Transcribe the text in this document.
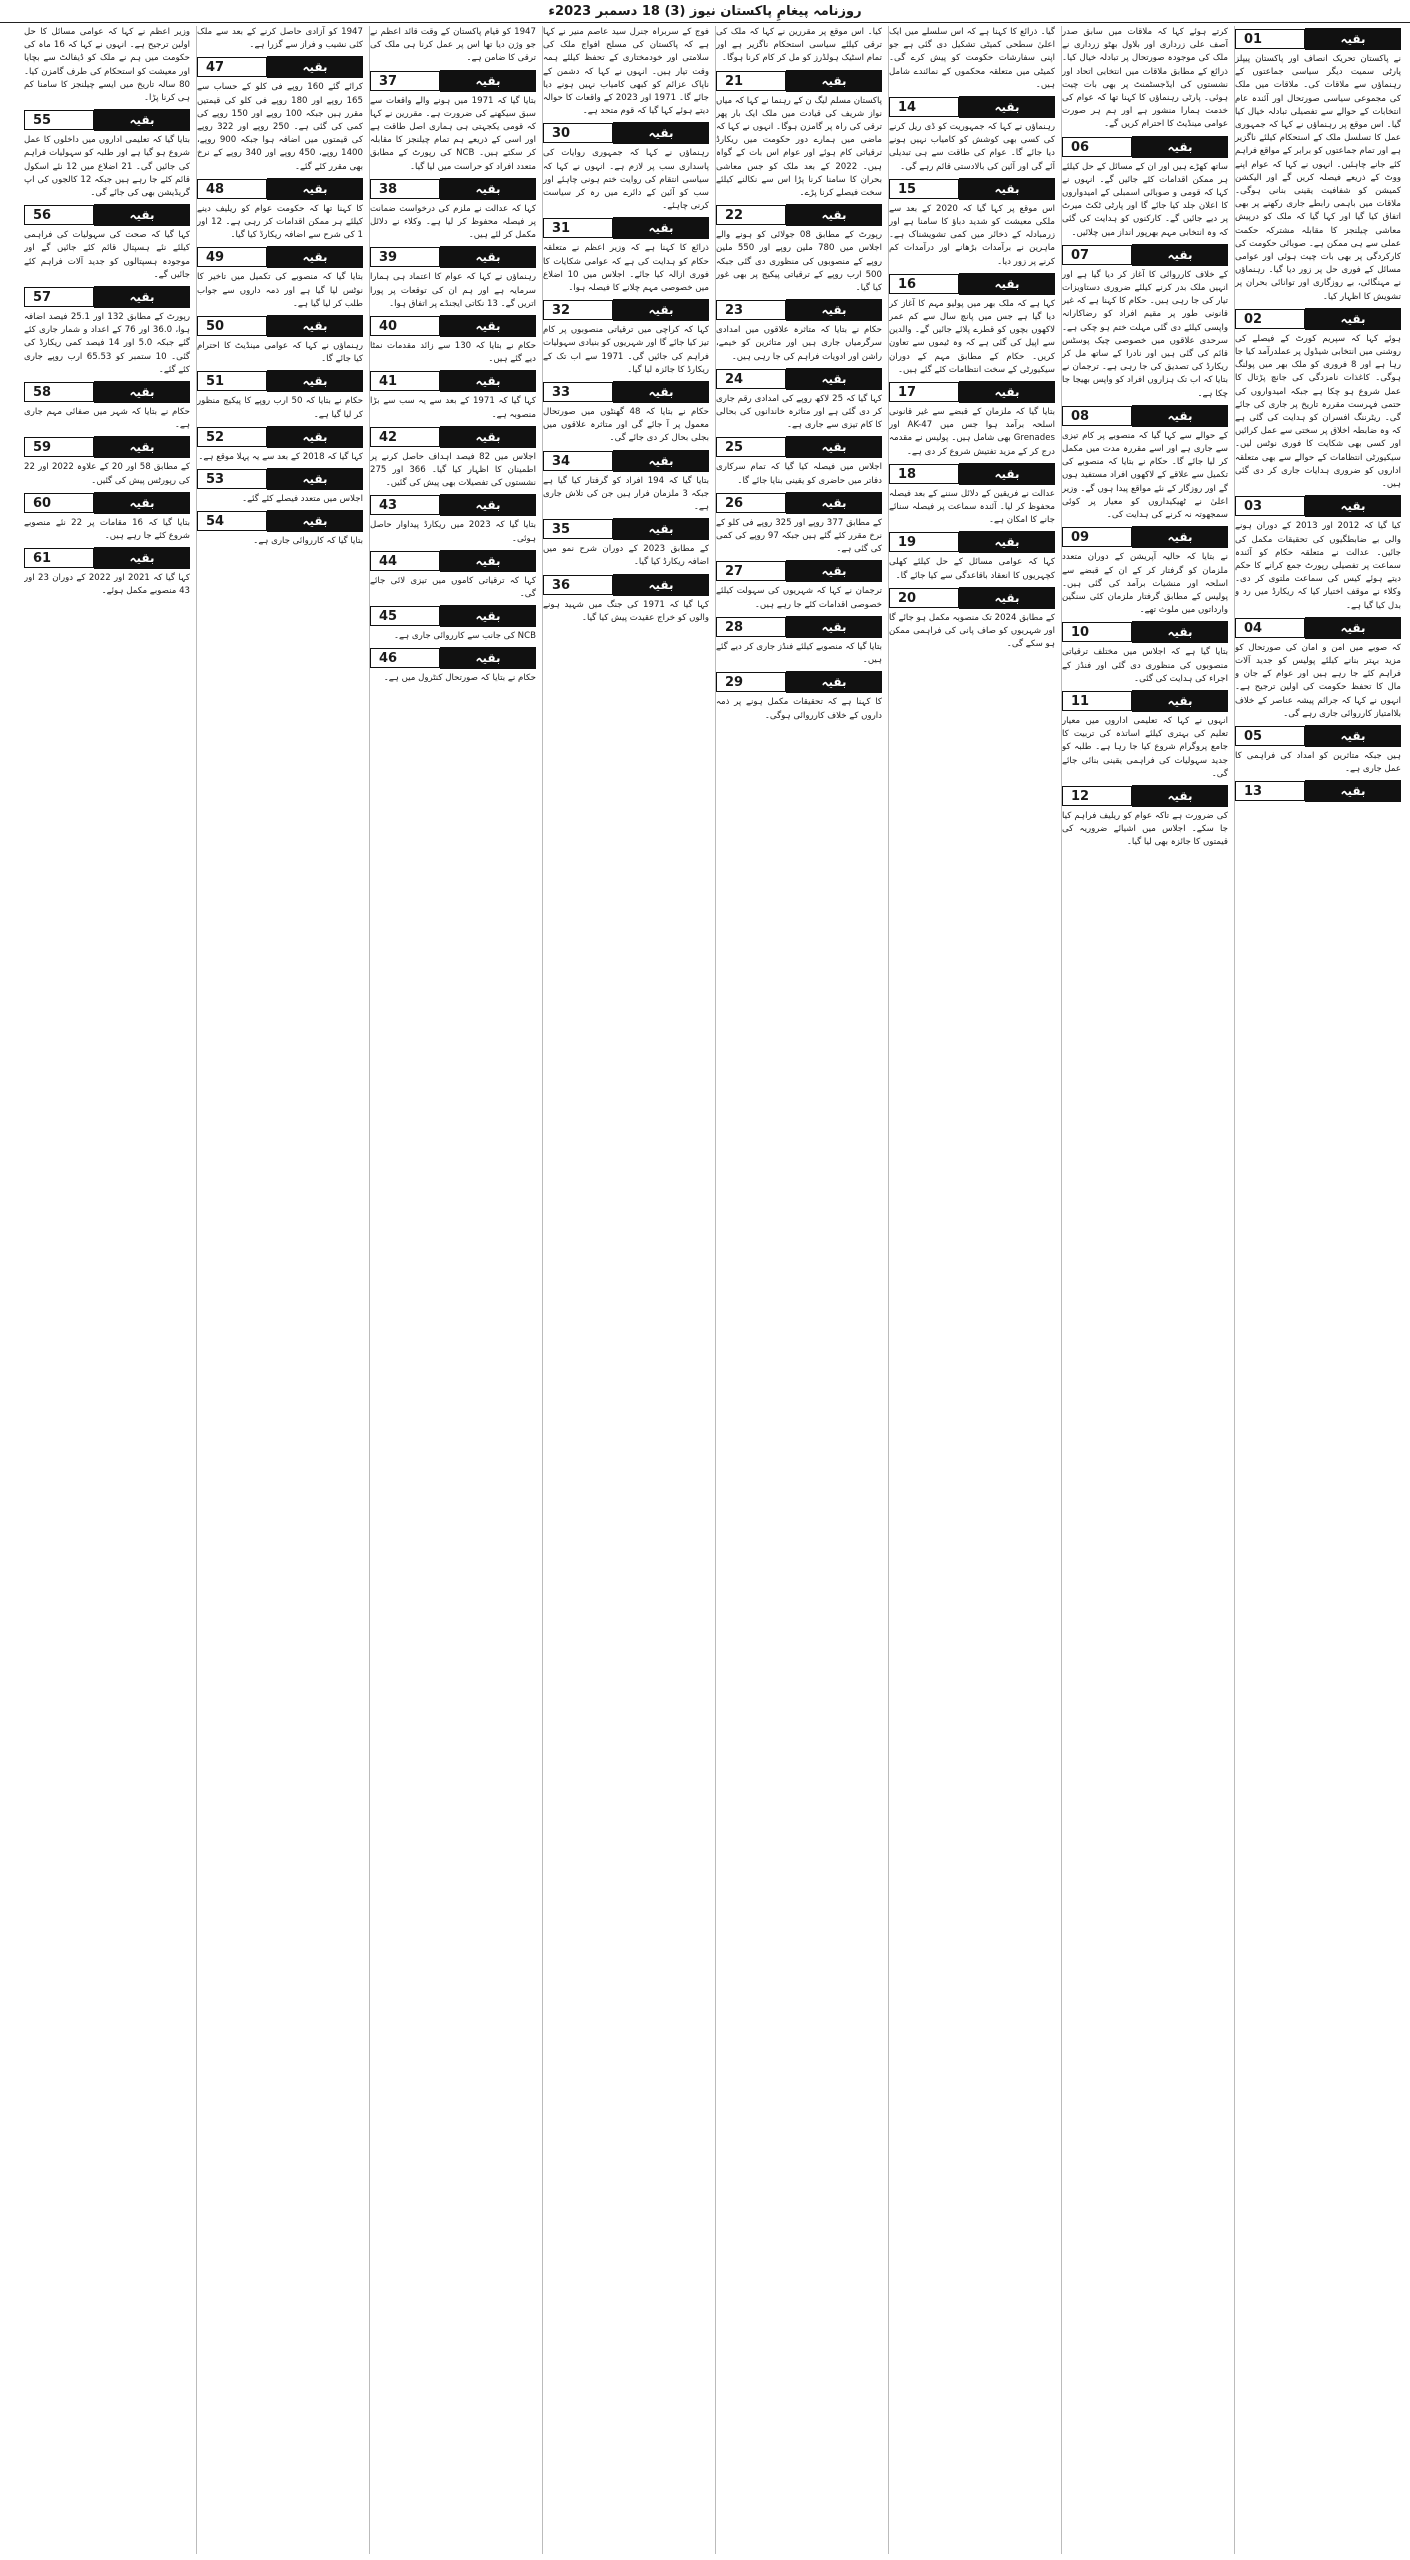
روزنامہ پیغامِ پاکستان نیوز (3) 18 دسمبر 2023ء
01	بقیہ
نے پاکستان تحریک انصاف اور پاکستان پیپلز پارٹی سمیت دیگر سیاسی جماعتوں کے رہنماؤں سے ملاقات کی۔ ملاقات میں ملک کی مجموعی سیاسی صورتحال اور آئندہ عام انتخابات کے حوالے سے تفصیلی تبادلہ خیال کیا گیا۔ اس موقع پر رہنماؤں نے کہا کہ جمہوری عمل کا تسلسل ملک کے استحکام کیلئے ناگزیر ہے اور تمام جماعتوں کو برابر کے مواقع فراہم کئے جانے چاہئیں۔ انہوں نے کہا کہ عوام اپنے ووٹ کے ذریعے فیصلہ کریں گے اور الیکشن کمیشن کو شفافیت یقینی بنانی ہوگی۔ ملاقات میں باہمی رابطے جاری رکھنے پر بھی اتفاق کیا گیا اور کہا گیا کہ ملک کو درپیش معاشی چیلنجز کا مقابلہ مشترکہ حکمت عملی سے ہی ممکن ہے۔ صوبائی حکومت کی کارکردگی پر بھی بات چیت ہوئی اور عوامی مسائل کے فوری حل پر زور دیا گیا۔ رہنماؤں نے مہنگائی، بے روزگاری اور توانائی بحران پر تشویش کا اظہار کیا۔
02	بقیہ
ہوئے کہا کہ سپریم کورٹ کے فیصلے کی روشنی میں انتخابی شیڈول پر عملدرآمد کیا جا رہا ہے اور 8 فروری کو ملک بھر میں پولنگ ہوگی۔ کاغذات نامزدگی کی جانچ پڑتال کا عمل شروع ہو چکا ہے جبکہ امیدواروں کی حتمی فہرست مقررہ تاریخ پر جاری کی جائے گی۔ ریٹرننگ افسران کو ہدایت کی گئی ہے کہ وہ ضابطہ اخلاق پر سختی سے عمل کرائیں اور کسی بھی شکایت کا فوری نوٹس لیں۔ سیکیورٹی انتظامات کے حوالے سے بھی متعلقہ اداروں کو ضروری ہدایات جاری کر دی گئی ہیں۔
03	بقیہ
کیا گیا کہ 2012 اور 2013 کے دوران ہونے والی بے ضابطگیوں کی تحقیقات مکمل کی جائیں۔ عدالت نے متعلقہ حکام کو آئندہ سماعت پر تفصیلی رپورٹ جمع کرانے کا حکم دیتے ہوئے کیس کی سماعت ملتوی کر دی۔ وکلاء نے موقف اختیار کیا کہ ریکارڈ میں رد و بدل کیا گیا ہے۔
04	بقیہ
کہ صوبے میں امن و امان کی صورتحال کو مزید بہتر بنانے کیلئے پولیس کو جدید آلات فراہم کئے جا رہے ہیں اور عوام کے جان و مال کا تحفظ حکومت کی اولین ترجیح ہے۔ انہوں نے کہا کہ جرائم پیشہ عناصر کے خلاف بلاامتیاز کارروائی جاری رہے گی۔
05	بقیہ
ہیں جبکہ متاثرین کو امداد کی فراہمی کا عمل جاری ہے۔
13	بقیہ
کرتے ہوئے کہا کہ ملاقات میں سابق صدر آصف علی زرداری اور بلاول بھٹو زرداری نے ملک کی موجودہ صورتحال پر تبادلہ خیال کیا۔ ذرائع کے مطابق ملاقات میں انتخابی اتحاد اور نشستوں کی ایڈجسٹمنٹ پر بھی بات چیت ہوئی۔ پارٹی رہنماؤں کا کہنا تھا کہ عوام کی خدمت ہمارا منشور ہے اور ہم ہر صورت عوامی مینڈیٹ کا احترام کریں گے۔
06	بقیہ
ساتھ کھڑے ہیں اور ان کے مسائل کے حل کیلئے ہر ممکن اقدامات کئے جائیں گے۔ انہوں نے کہا کہ قومی و صوبائی اسمبلی کے امیدواروں کا اعلان جلد کیا جائے گا اور پارٹی ٹکٹ میرٹ پر دیے جائیں گے۔ کارکنوں کو ہدایت کی گئی کہ وہ انتخابی مہم بھرپور انداز میں چلائیں۔
07	بقیہ
کے خلاف کارروائی کا آغاز کر دیا گیا ہے اور انہیں ملک بدر کرنے کیلئے ضروری دستاویزات تیار کی جا رہی ہیں۔ حکام کا کہنا ہے کہ غیر قانونی طور پر مقیم افراد کو رضاکارانہ واپسی کیلئے دی گئی مہلت ختم ہو چکی ہے۔ سرحدی علاقوں میں خصوصی چیک پوسٹس قائم کی گئی ہیں اور نادرا کے ساتھ مل کر ریکارڈ کی تصدیق کی جا رہی ہے۔ ترجمان نے بتایا کہ اب تک ہزاروں افراد کو واپس بھیجا جا چکا ہے۔
08	بقیہ
کے حوالے سے کہا گیا کہ منصوبے پر کام تیزی سے جاری ہے اور اسے مقررہ مدت میں مکمل کر لیا جائے گا۔ حکام نے بتایا کہ منصوبے کی تکمیل سے علاقے کے لاکھوں افراد مستفید ہوں گے اور روزگار کے نئے مواقع پیدا ہوں گے۔ وزیر اعلیٰ نے ٹھیکیداروں کو معیار پر کوئی سمجھوتہ نہ کرنے کی ہدایت کی۔
09	بقیہ
نے بتایا کہ حالیہ آپریشن کے دوران متعدد ملزمان کو گرفتار کر کے ان کے قبضے سے اسلحہ اور منشیات برآمد کی گئی ہیں۔ پولیس کے مطابق گرفتار ملزمان کئی سنگین وارداتوں میں ملوث تھے۔
10	بقیہ
بتایا گیا ہے کہ اجلاس میں مختلف ترقیاتی منصوبوں کی منظوری دی گئی اور فنڈز کے اجراء کی ہدایت کی گئی۔
11	بقیہ
انہوں نے کہا کہ تعلیمی اداروں میں معیار تعلیم کی بہتری کیلئے اساتذہ کی تربیت کا جامع پروگرام شروع کیا جا رہا ہے۔ طلبہ کو جدید سہولیات کی فراہمی یقینی بنائی جائے گی۔
12	بقیہ
کی ضرورت ہے تاکہ عوام کو ریلیف فراہم کیا جا سکے۔ اجلاس میں اشیائے ضروریہ کی قیمتوں کا جائزہ بھی لیا گیا۔
گیا۔ ذرائع کا کہنا ہے کہ اس سلسلے میں ایک اعلیٰ سطحی کمیٹی تشکیل دی گئی ہے جو اپنی سفارشات حکومت کو پیش کرے گی۔ کمیٹی میں متعلقہ محکموں کے نمائندے شامل ہیں۔
14	بقیہ
رہنماؤں نے کہا کہ جمہوریت کو ڈی ریل کرنے کی کسی بھی کوشش کو کامیاب نہیں ہونے دیا جائے گا۔ عوام کی طاقت سے ہی تبدیلی آئے گی اور آئین کی بالادستی قائم رہے گی۔
15	بقیہ
اس موقع پر کہا گیا کہ 2020 کے بعد سے ملکی معیشت کو شدید دباؤ کا سامنا ہے اور زرمبادلہ کے ذخائر میں کمی تشویشناک ہے۔ ماہرین نے برآمدات بڑھانے اور درآمدات کم کرنے پر زور دیا۔
16	بقیہ
کہا ہے کہ ملک بھر میں پولیو مہم کا آغاز کر دیا گیا ہے جس میں پانچ سال سے کم عمر لاکھوں بچوں کو قطرے پلائے جائیں گے۔ والدین سے اپیل کی گئی ہے کہ وہ ٹیموں سے تعاون کریں۔ حکام کے مطابق مہم کے دوران سیکیورٹی کے سخت انتظامات کئے گئے ہیں۔
17	بقیہ
بتایا گیا کہ ملزمان کے قبضے سے غیر قانونی اسلحہ برآمد ہوا جس میں AK-47 اور Grenades بھی شامل ہیں۔ پولیس نے مقدمہ درج کر کے مزید تفتیش شروع کر دی ہے۔
18	بقیہ
عدالت نے فریقین کے دلائل سننے کے بعد فیصلہ محفوظ کر لیا۔ آئندہ سماعت پر فیصلہ سنائے جانے کا امکان ہے۔
19	بقیہ
کہا کہ عوامی مسائل کے حل کیلئے کھلی کچہریوں کا انعقاد باقاعدگی سے کیا جائے گا۔
20	بقیہ
کے مطابق 2024 تک منصوبہ مکمل ہو جائے گا اور شہریوں کو صاف پانی کی فراہمی ممکن ہو سکے گی۔
کیا۔ اس موقع پر مقررین نے کہا کہ ملک کی ترقی کیلئے سیاسی استحکام ناگزیر ہے اور تمام اسٹیک ہولڈرز کو مل کر کام کرنا ہوگا۔
21	بقیہ
پاکستان مسلم لیگ ن کے رہنما نے کہا کہ میاں نواز شریف کی قیادت میں ملک ایک بار پھر ترقی کی راہ پر گامزن ہوگا۔ انہوں نے کہا کہ ماضی میں ہمارے دور حکومت میں ریکارڈ ترقیاتی کام ہوئے اور عوام اس بات کے گواہ ہیں۔ 2022 کے بعد ملک کو جس معاشی بحران کا سامنا کرنا پڑا اس سے نکالنے کیلئے سخت فیصلے کرنا پڑے۔
22	بقیہ
رپورٹ کے مطابق 08 جولائی کو ہونے والے اجلاس میں 780 ملین روپے اور 550 ملین روپے کے منصوبوں کی منظوری دی گئی جبکہ 500 ارب روپے کے ترقیاتی پیکیج پر بھی غور کیا گیا۔
23	بقیہ
حکام نے بتایا کہ متاثرہ علاقوں میں امدادی سرگرمیاں جاری ہیں اور متاثرین کو خیمے، راشن اور ادویات فراہم کی جا رہی ہیں۔
24	بقیہ
کہا گیا کہ 25 لاکھ روپے کی امدادی رقم جاری کر دی گئی ہے اور متاثرہ خاندانوں کی بحالی کا کام تیزی سے جاری ہے۔
25	بقیہ
اجلاس میں فیصلہ کیا گیا کہ تمام سرکاری دفاتر میں حاضری کو یقینی بنایا جائے گا۔
26	بقیہ
کے مطابق 377 روپے اور 325 روپے فی کلو کے نرخ مقرر کئے گئے ہیں جبکہ 97 روپے کی کمی کی گئی ہے۔
27	بقیہ
ترجمان نے کہا کہ شہریوں کی سہولت کیلئے خصوصی اقدامات کئے جا رہے ہیں۔
28	بقیہ
بتایا گیا کہ منصوبے کیلئے فنڈز جاری کر دیے گئے ہیں۔
29	بقیہ
کا کہنا ہے کہ تحقیقات مکمل ہونے پر ذمہ داروں کے خلاف کارروائی ہوگی۔
فوج کے سربراہ جنرل سید عاصم منیر نے کہا ہے کہ پاکستان کی مسلح افواج ملک کی سلامتی اور خودمختاری کے تحفظ کیلئے ہمہ وقت تیار ہیں۔ انہوں نے کہا کہ دشمن کے ناپاک عزائم کو کبھی کامیاب نہیں ہونے دیا جائے گا۔ 1971 اور 2023 کے واقعات کا حوالہ دیتے ہوئے کہا گیا کہ قوم متحد ہے۔
30	بقیہ
رہنماؤں نے کہا کہ جمہوری روایات کی پاسداری سب پر لازم ہے۔ انہوں نے کہا کہ سیاسی انتقام کی روایت ختم ہونی چاہئے اور سب کو آئین کے دائرے میں رہ کر سیاست کرنی چاہئے۔
31	بقیہ
ذرائع کا کہنا ہے کہ وزیر اعظم نے متعلقہ حکام کو ہدایت کی ہے کہ عوامی شکایات کا فوری ازالہ کیا جائے۔ اجلاس میں 10 اضلاع میں خصوصی مہم چلانے کا فیصلہ ہوا۔
32	بقیہ
کہا کہ کراچی میں ترقیاتی منصوبوں پر کام تیز کیا جائے گا اور شہریوں کو بنیادی سہولیات فراہم کی جائیں گی۔ 1971 سے اب تک کے ریکارڈ کا جائزہ لیا گیا۔
33	بقیہ
حکام نے بتایا کہ 48 گھنٹوں میں صورتحال معمول پر آ جائے گی اور متاثرہ علاقوں میں بجلی بحال کر دی جائے گی۔
34	بقیہ
بتایا گیا کہ 194 افراد کو گرفتار کیا گیا ہے جبکہ 3 ملزمان فرار ہیں جن کی تلاش جاری ہے۔
35	بقیہ
کے مطابق 2023 کے دوران شرح نمو میں اضافہ ریکارڈ کیا گیا۔
36	بقیہ
کہا گیا کہ 1971 کی جنگ میں شہید ہونے والوں کو خراج عقیدت پیش کیا گیا۔
1947 کو قیام پاکستان کے وقت قائد اعظم نے جو وژن دیا تھا اس پر عمل کرنا ہی ملک کی ترقی کا ضامن ہے۔
37	بقیہ
بتایا گیا کہ 1971 میں ہونے والے واقعات سے سبق سیکھنے کی ضرورت ہے۔ مقررین نے کہا کہ قومی یکجہتی ہی ہماری اصل طاقت ہے اور اسی کے ذریعے ہم تمام چیلنجز کا مقابلہ کر سکتے ہیں۔ NCB کی رپورٹ کے مطابق متعدد افراد کو حراست میں لیا گیا۔
38	بقیہ
کہا کہ عدالت نے ملزم کی درخواست ضمانت پر فیصلہ محفوظ کر لیا ہے۔ وکلاء نے دلائل مکمل کر لئے ہیں۔
39	بقیہ
رہنماؤں نے کہا کہ عوام کا اعتماد ہی ہمارا سرمایہ ہے اور ہم ان کی توقعات پر پورا اتریں گے۔ 13 نکاتی ایجنڈے پر اتفاق ہوا۔
40	بقیہ
حکام نے بتایا کہ 130 سے زائد مقدمات نمٹا دیے گئے ہیں۔
41	بقیہ
کہا گیا کہ 1971 کے بعد سے یہ سب سے بڑا منصوبہ ہے۔
42	بقیہ
اجلاس میں 82 فیصد اہداف حاصل کرنے پر اطمینان کا اظہار کیا گیا۔ 366 اور 275 نشستوں کی تفصیلات بھی پیش کی گئیں۔
43	بقیہ
بتایا گیا کہ 2023 میں ریکارڈ پیداوار حاصل ہوئی۔
44	بقیہ
کہا کہ ترقیاتی کاموں میں تیزی لائی جائے گی۔
45	بقیہ
NCB کی جانب سے کارروائی جاری ہے۔
46	بقیہ
حکام نے بتایا کہ صورتحال کنٹرول میں ہے۔
1947 کو آزادی حاصل کرنے کے بعد سے ملک کئی نشیب و فراز سے گزرا ہے۔
47	بقیہ
کرائے گئے 160 روپے فی کلو کے حساب سے 165 روپے اور 180 روپے فی کلو کی قیمتیں مقرر ہیں جبکہ 100 روپے اور 150 روپے کی کمی کی گئی ہے۔ 250 روپے اور 322 روپے کی قیمتوں میں اضافہ ہوا جبکہ 900 روپے، 1400 روپے، 450 روپے اور 340 روپے کے نرخ بھی مقرر کئے گئے۔
48	بقیہ
کا کہنا تھا کہ حکومت عوام کو ریلیف دینے کیلئے ہر ممکن اقدامات کر رہی ہے۔ 12 اور 1 کی شرح سے اضافہ ریکارڈ کیا گیا۔
49	بقیہ
بتایا گیا کہ منصوبے کی تکمیل میں تاخیر کا نوٹس لیا گیا ہے اور ذمہ داروں سے جواب طلب کر لیا گیا ہے۔
50	بقیہ
رہنماؤں نے کہا کہ عوامی مینڈیٹ کا احترام کیا جائے گا۔
51	بقیہ
حکام نے بتایا کہ 50 ارب روپے کا پیکیج منظور کر لیا گیا ہے۔
52	بقیہ
کہا گیا کہ 2018 کے بعد سے یہ پہلا موقع ہے۔
53	بقیہ
اجلاس میں متعدد فیصلے کئے گئے۔
54	بقیہ
بتایا گیا کہ کارروائی جاری ہے۔
وزیر اعظم نے کہا کہ عوامی مسائل کا حل اولین ترجیح ہے۔ انہوں نے کہا کہ 16 ماہ کی حکومت میں ہم نے ملک کو ڈیفالٹ سے بچایا اور معیشت کو استحکام کی طرف گامزن کیا۔ 80 سالہ تاریخ میں ایسے چیلنجز کا سامنا کم ہی کرنا پڑا۔
55	بقیہ
بتایا گیا کہ تعلیمی اداروں میں داخلوں کا عمل شروع ہو گیا ہے اور طلبہ کو سہولیات فراہم کی جائیں گی۔ 21 اضلاع میں 12 نئے اسکول قائم کئے جا رہے ہیں جبکہ 12 کالجوں کی اپ گریڈیشن بھی کی جائے گی۔
56	بقیہ
کہا گیا کہ صحت کی سہولیات کی فراہمی کیلئے نئے ہسپتال قائم کئے جائیں گے اور موجودہ ہسپتالوں کو جدید آلات فراہم کئے جائیں گے۔
57	بقیہ
رپورٹ کے مطابق 132 اور 25.1 فیصد اضافہ ہوا، 36.0 اور 76 کے اعداد و شمار جاری کئے گئے جبکہ 5.0 اور 14 فیصد کمی ریکارڈ کی گئی۔ 10 ستمبر کو 65.53 ارب روپے جاری کئے گئے۔
58	بقیہ
حکام نے بتایا کہ شہر میں صفائی مہم جاری ہے۔
59	بقیہ
کے مطابق 58 اور 20 کے علاوہ 2022 اور 22 کی رپورٹس پیش کی گئیں۔
60	بقیہ
بتایا گیا کہ 16 مقامات پر 22 نئے منصوبے شروع کئے جا رہے ہیں۔
61	بقیہ
کہا گیا کہ 2021 اور 2022 کے دوران 23 اور 43 منصوبے مکمل ہوئے۔
